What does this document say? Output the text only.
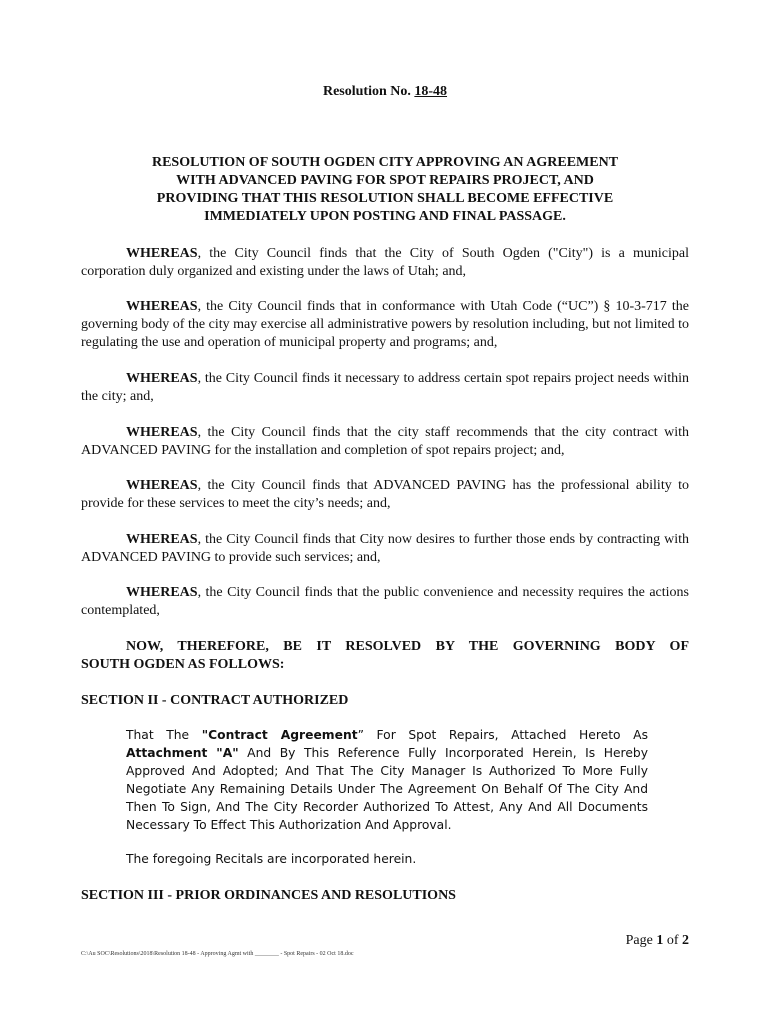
Resolution No. 18-48
RESOLUTION OF SOUTH OGDEN CITY APPROVING AN AGREEMENT
WITH ADVANCED PAVING FOR SPOT REPAIRS PROJECT, AND
PROVIDING THAT THIS RESOLUTION SHALL BECOME EFFECTIVE
IMMEDIATELY UPON POSTING AND FINAL PASSAGE.
WHEREAS, the City Council finds that the City of South Ogden ("City") is a municipal corporation duly organized and existing under the laws of Utah; and,
WHEREAS, the City Council finds that in conformance with Utah Code (“UC”) § 10-3-717 the governing body of the city may exercise all administrative powers by resolution including, but not limited to regulating the use and operation of municipal property and programs; and,
WHEREAS, the City Council finds it necessary to address certain spot repairs project needs within the city; and,
WHEREAS, the City Council finds that the city staff recommends that the city contract with ADVANCED PAVING for the installation and completion of spot repairs project; and,
WHEREAS, the City Council finds that ADVANCED PAVING has the professional ability to provide for these services to meet the city’s needs; and,
WHEREAS, the City Council finds that City now desires to further those ends by contracting with ADVANCED PAVING to provide such services; and,
WHEREAS, the City Council finds that the public convenience and necessity requires the actions contemplated,
NOW, THEREFORE, BE IT RESOLVED BY THE GOVERNING BODY OF
SOUTH OGDEN AS FOLLOWS:
SECTION II - CONTRACT AUTHORIZED
That The "Contract Agreement” For Spot Repairs, Attached Hereto As Attachment "A" And By This Reference Fully Incorporated Herein, Is Hereby Approved And Adopted; And That The City Manager Is Authorized To More Fully Negotiate Any Remaining Details Under The Agreement On Behalf Of The City And Then To Sign, And The City Recorder Authorized To Attest, Any And All Documents Necessary To Effect This Authorization And Approval.
The foregoing Recitals are incorporated herein.
SECTION III - PRIOR ORDINANCES AND RESOLUTIONS
Page 1 of 2
C:\Au SOC\Resolutions\2018\Resolution 18-48 - Approving Agmt with ________ - Spot Repairs - 02 Oct 18.doc
